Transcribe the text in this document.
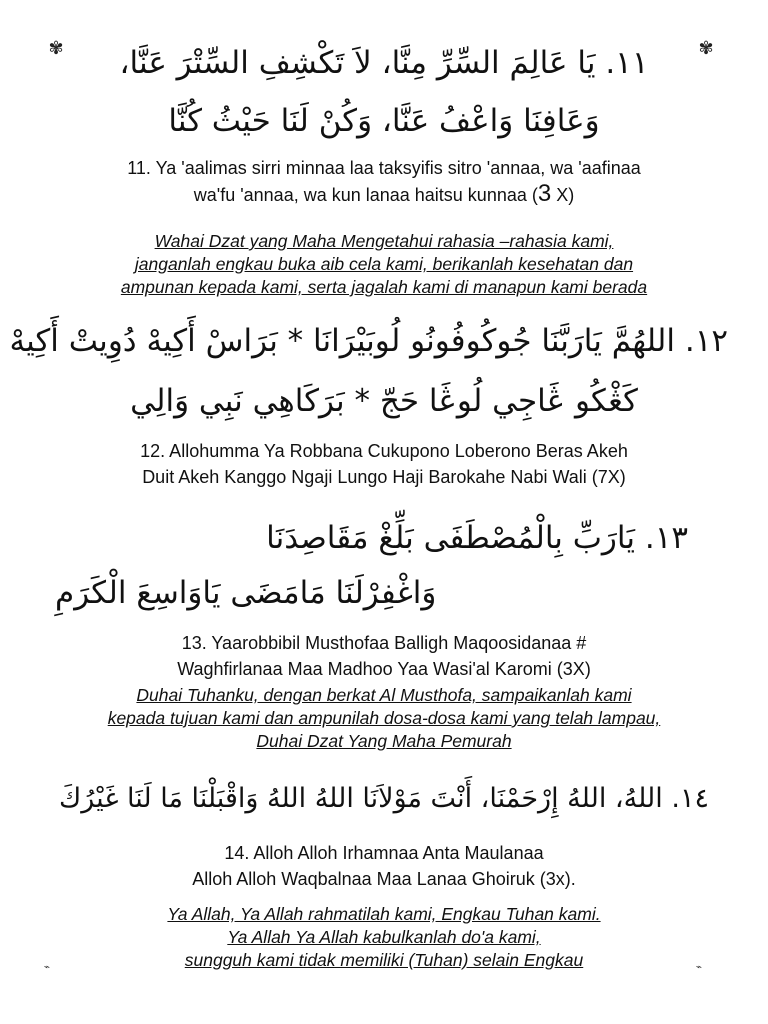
✾	✾
⌁	⌁
١١. يَا عَالِمَ السِّرِّ مِنَّا، لاَ تَكْشِفِ السِّتْرَ عَنَّا،
وَعَافِنَا وَاعْفُ عَنَّا، وَكُنْ لَنَا حَيْثُ كُنَّا
11. Ya 'aalimas sirri minnaa laa taksyifis sitro 'annaa, wa 'aafinaa
wa'fu 'annaa, wa kun lanaa haitsu kunnaa (3 X)
Wahai Dzat yang Maha Mengetahui rahasia –rahasia kami,
janganlah engkau buka aib cela kami, berikanlah kesehatan dan
ampunan kepada kami, serta jagalah kami di manapun kami berada
١٢. اللهُمَّ يَارَبَّنَا جُوكُوفُونُو لُوبَيْرَانَا * بَرَاسْ أَكِيهْ دُوِيتْ أَكِيهْ
كَڠْكُو ڠَاجِي لُوڠَا حَجّ * بَرَكَاهِي نَبِي وَالِي
12. Allohumma Ya Robbana Cukupono Loberono Beras Akeh
Duit Akeh Kanggo Ngaji Lungo Haji Barokahe Nabi Wali (7X)
١٣. يَارَبِّ بِالْمُصْطَفَى بَلِّغْ مَقَاصِدَنَا
وَاغْفِرْلَنَا مَامَضَى يَاوَاسِعَ الْكَرَمِ
13. Yaarobbibil Musthofaa Balligh Maqoosidanaa #
Waghfirlanaa Maa Madhoo Yaa Wasi'al Karomi (3X)
Duhai Tuhanku, dengan berkat Al Musthofa, sampaikanlah kami
kepada tujuan kami dan ampunilah dosa-dosa kami yang telah lampau,
Duhai Dzat Yang Maha Pemurah
١٤. اللهُ، اللهُ إِرْحَمْنَا، أَنْتَ مَوْلاَنَا اللهُ اللهُ وَاقْبَلْنَا مَا لَنَا غَيْرُكَ
14. Alloh Alloh Irhamnaa Anta Maulanaa
Alloh Alloh Waqbalnaa Maa Lanaa Ghoiruk (3x).
Ya Allah, Ya Allah rahmatilah kami, Engkau Tuhan kami.
Ya Allah Ya Allah kabulkanlah do'a kami,
sungguh kami tidak memiliki (Tuhan) selain Engkau
